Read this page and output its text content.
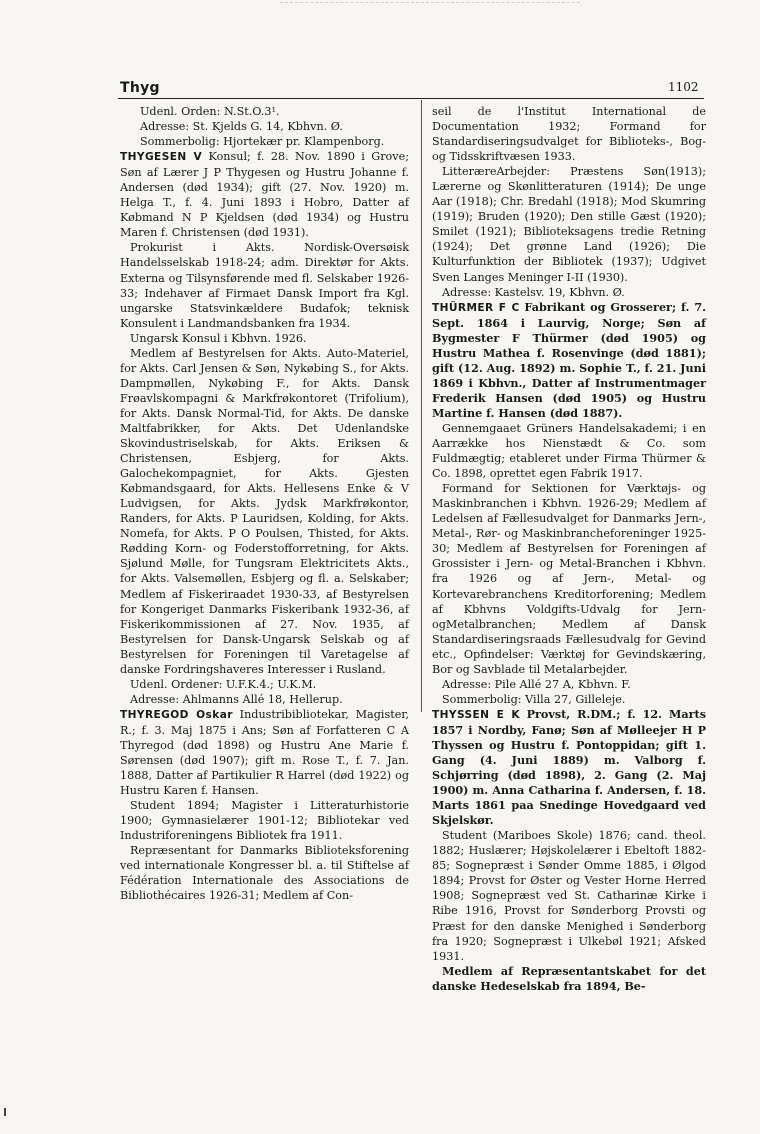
Thyg	1102

Udenl. Orden: N.St.O.3¹.

Adresse: St. Kjelds G. 14, Kbhvn. Ø.

Sommerbolig: Hjortekær pr. Klampenborg.

THYGESEN V Konsul; f. 28. Nov. 1890 i Grove; Søn af Lærer J P Thygesen og Hustru Johanne f. Andersen (død 1934); gift (27. Nov. 1920) m. Helga T., f. 4. Juni 1893 i Hobro, Datter af Købmand N P Kjeldsen (død 1934) og Hustru Maren f. Christensen (død 1931).

Prokurist i Akts. Nordisk-Oversøisk Handelsselskab 1918-24; adm. Direktør for Akts. Externa og Tilsynsførende med fl. Selskaber 1926-33; Indehaver af Firmaet Dansk Import fra Kgl. ungarske Statsvinkældere Budafok; teknisk Konsulent i Landmandsbanken fra 1934.

Ungarsk Konsul i Kbhvn. 1926.

Medlem af Bestyrelsen for Akts. Auto-Materiel, for Akts. Carl Jensen & Søn, Nykøbing S., for Akts. Dampmøllen, Nykøbing F., for Akts. Dansk Frøavlskompagni & Markfrøkontoret (Trifolium), for Akts. Dansk Normal-Tid, for Akts. De danske Maltfabrikker, for Akts. Det Udenlandske Skovindustriselskab, for Akts. Eriksen & Christensen, Esbjerg, for Akts. Galochekompagniet, for Akts. Gjesten Købmandsgaard, for Akts. Hellesens Enke & V Ludvigsen, for Akts. Jydsk Markfrøkontor, Randers, for Akts. P Lauridsen, Kolding, for Akts. Nomefa, for Akts. P O Poulsen, Thisted, for Akts. Rødding Korn- og Foderstofforretning, for Akts. Sjølund Mølle, for Tungsram Elektricitets Akts., for Akts. Valsemøllen, Esbjerg og fl. a. Selskaber; Medlem af Fiskeriraadet 1930-33, af Bestyrelsen for Kongeriget Danmarks Fiskeribank 1932-36, af Fiskerikommissionen af 27. Nov. 1935, af Bestyrelsen for Dansk-Ungarsk Selskab og af Bestyrelsen for Foreningen til Varetagelse af danske Fordringshaveres Interesser i Rusland.

Udenl. Ordener: U.F.K.4.; U.K.M.

Adresse: Ahlmanns Allé 18, Hellerup.

THYREGOD Oskar Industribibliotekar, Magister, R.; f. 3. Maj 1875 i Ans; Søn af Forfatteren C A Thyregod (død 1898) og Hustru Ane Marie f. Sørensen (død 1907); gift m. Rose T., f. 7. Jan. 1888, Datter af Partikulier R Harrel (død 1922) og Hustru Karen f. Hansen.

Student 1894; Magister i Litteraturhistorie 1900; Gymnasielærer 1901-12; Bibliotekar ved Industriforeningens Bibliotek fra 1911.

Repræsentant for Danmarks Biblioteksforening ved internationale Kongresser bl. a. til Stiftelse af Fédération Internationale des Associations de Bibliothécaires 1926-31; Medlem af Con-

seil de l'Institut International de Documentation 1932; Formand for Standardiseringsudvalget for Biblioteks-, Bog- og Tidsskriftvæsen 1933.

LitteræreArbejder: Præstens Søn(1913); Lærerne og Skønlitteraturen (1914); De unge Aar (1918); Chr. Bredahl (1918); Mod Skumring (1919); Bruden (1920); Den stille Gæst (1920); Smilet (1921); Biblioteksagens tredie Retning (1924); Det grønne Land (1926); Die Kulturfunktion der Bibliotek (1937); Udgivet Sven Langes Meninger I-II (1930).

Adresse: Kastelsv. 19, Kbhvn. Ø.

THÜRMER F C Fabrikant og Grosserer; f. 7. Sept. 1864 i Laurvig, Norge; Søn af Bygmester F Thürmer (død 1905) og Hustru Mathea f. Rosenvinge (død 1881); gift (12. Aug. 1892) m. Sophie T., f. 21. Juni 1869 i Kbhvn., Datter af Instrumentmager Frederik Hansen (død 1905) og Hustru Martine f. Hansen (død 1887).

Gennemgaaet Grüners Handelsakademi; i en Aarrække hos Nienstædt & Co. som Fuldmægtig; etableret under Firma Thürmer & Co. 1898, oprettet egen Fabrik 1917.

Formand for Sektionen for Værktøjs- og Maskinbranchen i Kbhvn. 1926-29; Medlem af Ledelsen af Fællesudvalget for Danmarks Jern-, Metal-, Rør- og Maskinbrancheforeninger 1925-30; Medlem af Bestyrelsen for Foreningen af Grossister i Jern- og Metal-Branchen i Kbhvn. fra 1926 og af Jern-, Metal- og Kortevarebranchens Kreditorforening; Medlem af Kbhvns Voldgifts-Udvalg for Jern-ogMetalbranchen; Medlem af Dansk Standardiseringsraads Fællesudvalg for Gevind etc., Opfindelser: Værktøj for Gevindskæring, Bor og Savblade til Metalarbejder.

Adresse: Pile Allé 27 A, Kbhvn. F.

Sommerbolig: Villa 27, Gilleleje.

THYSSEN E K Provst, R.DM.; f. 12. Marts 1857 i Nordby, Fanø; Søn af Mølleejer H P Thyssen og Hustru f. Pontoppidan; gift 1. Gang (4. Juni 1889) m. Valborg f. Schjørring (død 1898), 2. Gang (2. Maj 1900) m. Anna Catharina f. Andersen, f. 18. Marts 1861 paa Snedinge Hovedgaard ved Skjelskør.

Student (Mariboes Skole) 1876; cand. theol. 1882; Huslærer; Højskolelærer i Ebeltoft 1882-85; Sognepræst i Sønder Omme 1885, i Ølgod 1894; Provst for Øster og Vester Horne Herred 1908; Sognepræst ved St. Catharinæ Kirke i Ribe 1916, Provst for Sønderborg Provsti og Præst for den danske Menighed i Sønderborg fra 1920; Sognepræst i Ulkebøl 1921; Afsked 1931.

Medlem af Repræsentantskabet for det danske Hedeselskab fra 1894, Be-
